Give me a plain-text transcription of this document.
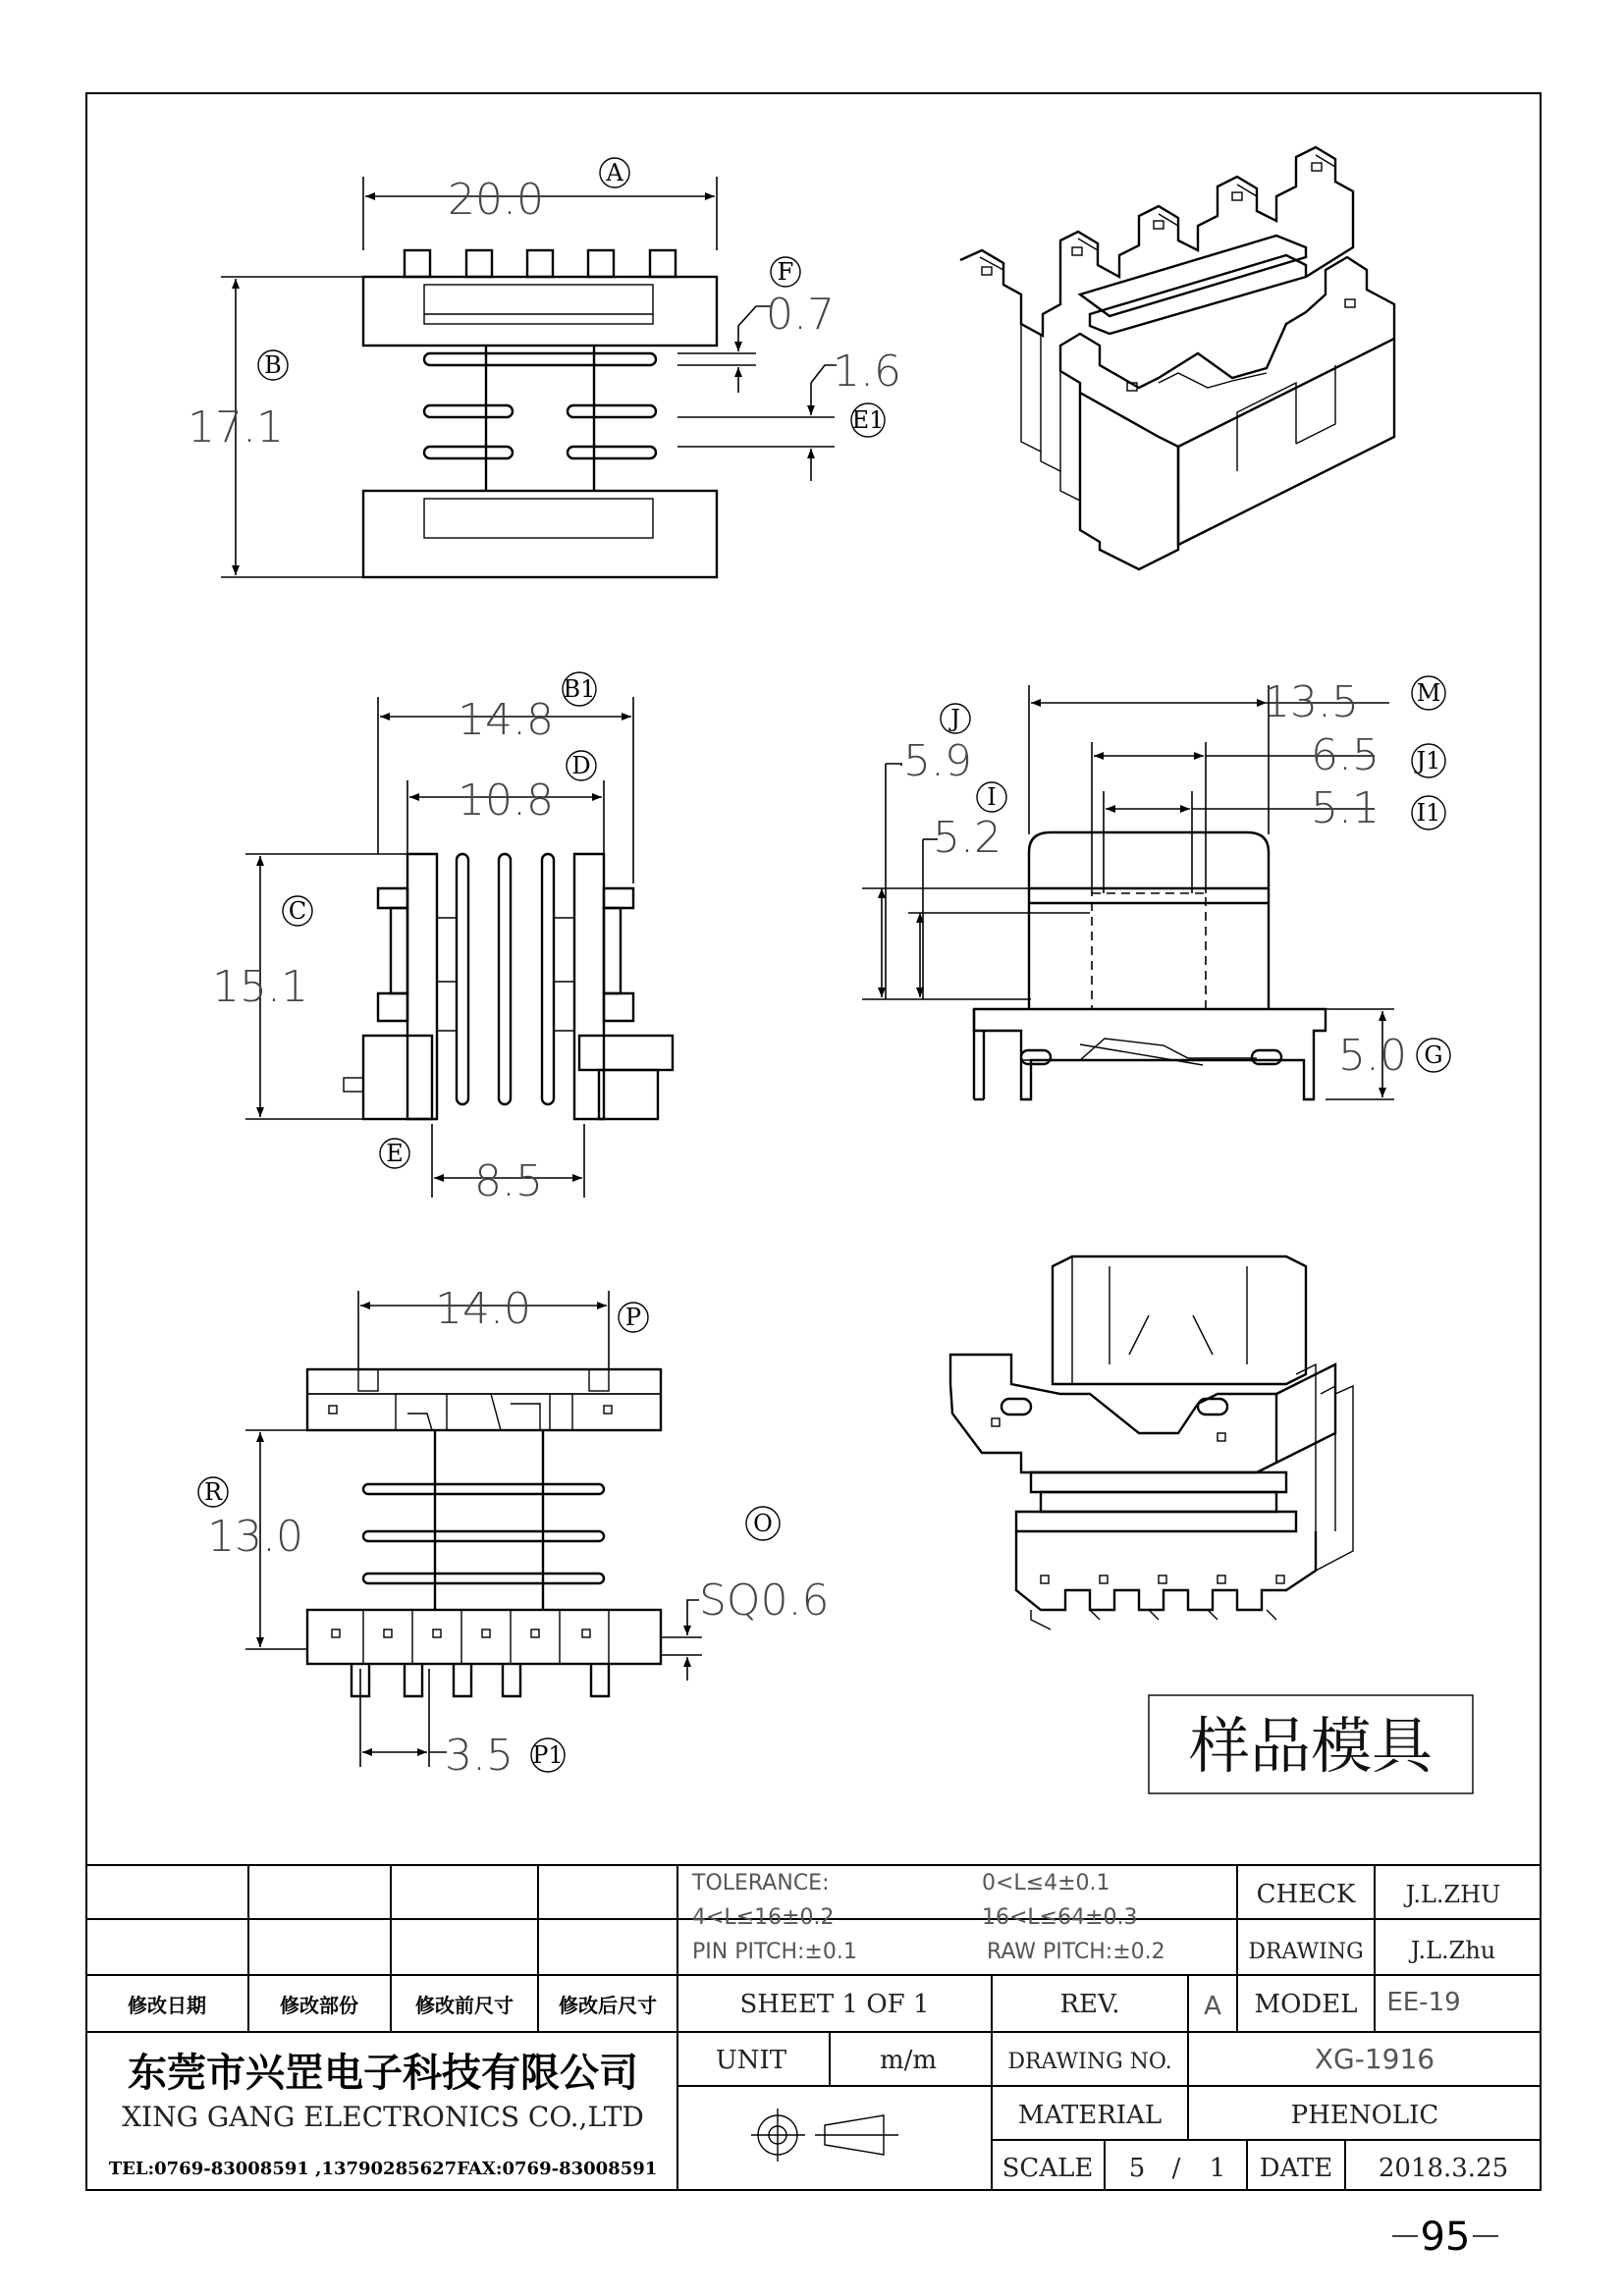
20.0
A
17.1
B
0.7
F
1.6
E1
14.8
B1
10.8
D
15.1
C
8.5
E
13.5 M
6.5 J1
5.1 I1
5.9
J
5.2
I
5.0 G
14.0	P
13.0
R
SQ0.6
O
3.5 P1	样品模具
修改日期	修改部份	修改前尺寸 修改后尺寸
TOLERANCE:	0<L≤4±0.1
4<L≤16±0.2	16<L≤64±0.3
PIN PITCH:±0.1	RAW PITCH:±0.2
CHECK J.L.ZHU
DRAWING J.L.Zhu
SHEET 1 OF 1	REV.	A MODEL EE-19
东莞市兴罡电子科技有限公司
XING GANG ELECTRONICS CO.,LTD
TEL:0769-83008591 ,13790285627FAX:0769-83008591
UNIT	m/m	DRAWING NO.	XG-1916
MATERIAL	PHENOLIC
SCALE 5 / 1 DATE 2018.3.25
95
